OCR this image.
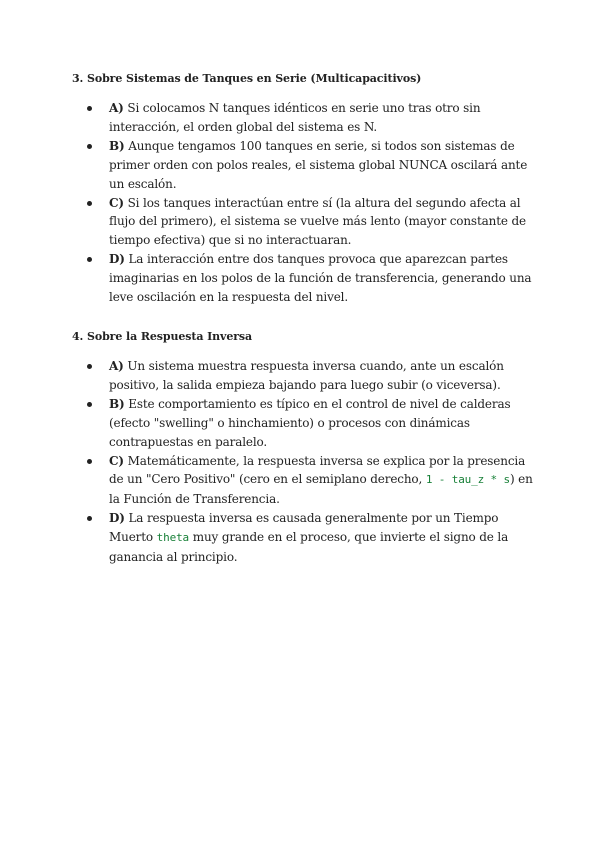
3. Sobre Sistemas de Tanques en Serie (Multicapacitivos)
A) Si colocamos N tanques idénticos en serie uno tras otro sin interacción, el orden global del sistema es N.
B) Aunque tengamos 100 tanques en serie, si todos son sistemas de primer orden con polos reales, el sistema global NUNCA oscilará ante un escalón.
C) Si los tanques interactúan entre sí (la altura del segundo afecta al flujo del primero), el sistema se vuelve más lento (mayor constante de tiempo efectiva) que si no interactuaran.
D) La interacción entre dos tanques provoca que aparezcan partes imaginarias en los polos de la función de transferencia, generando una leve oscilación en la respuesta del nivel.
4. Sobre la Respuesta Inversa
A) Un sistema muestra respuesta inversa cuando, ante un escalón positivo, la salida empieza bajando para luego subir (o viceversa).
B) Este comportamiento es típico en el control de nivel de calderas (efecto "swelling" o hinchamiento) o procesos con dinámicas contrapuestas en paralelo.
C) Matemáticamente, la respuesta inversa se explica por la presencia de un "Cero Positivo" (cero en el semiplano derecho, 1 - tau_z * s) en la Función de Transferencia.
D) La respuesta inversa es causada generalmente por un Tiempo Muerto theta muy grande en el proceso, que invierte el signo de la ganancia al principio.
